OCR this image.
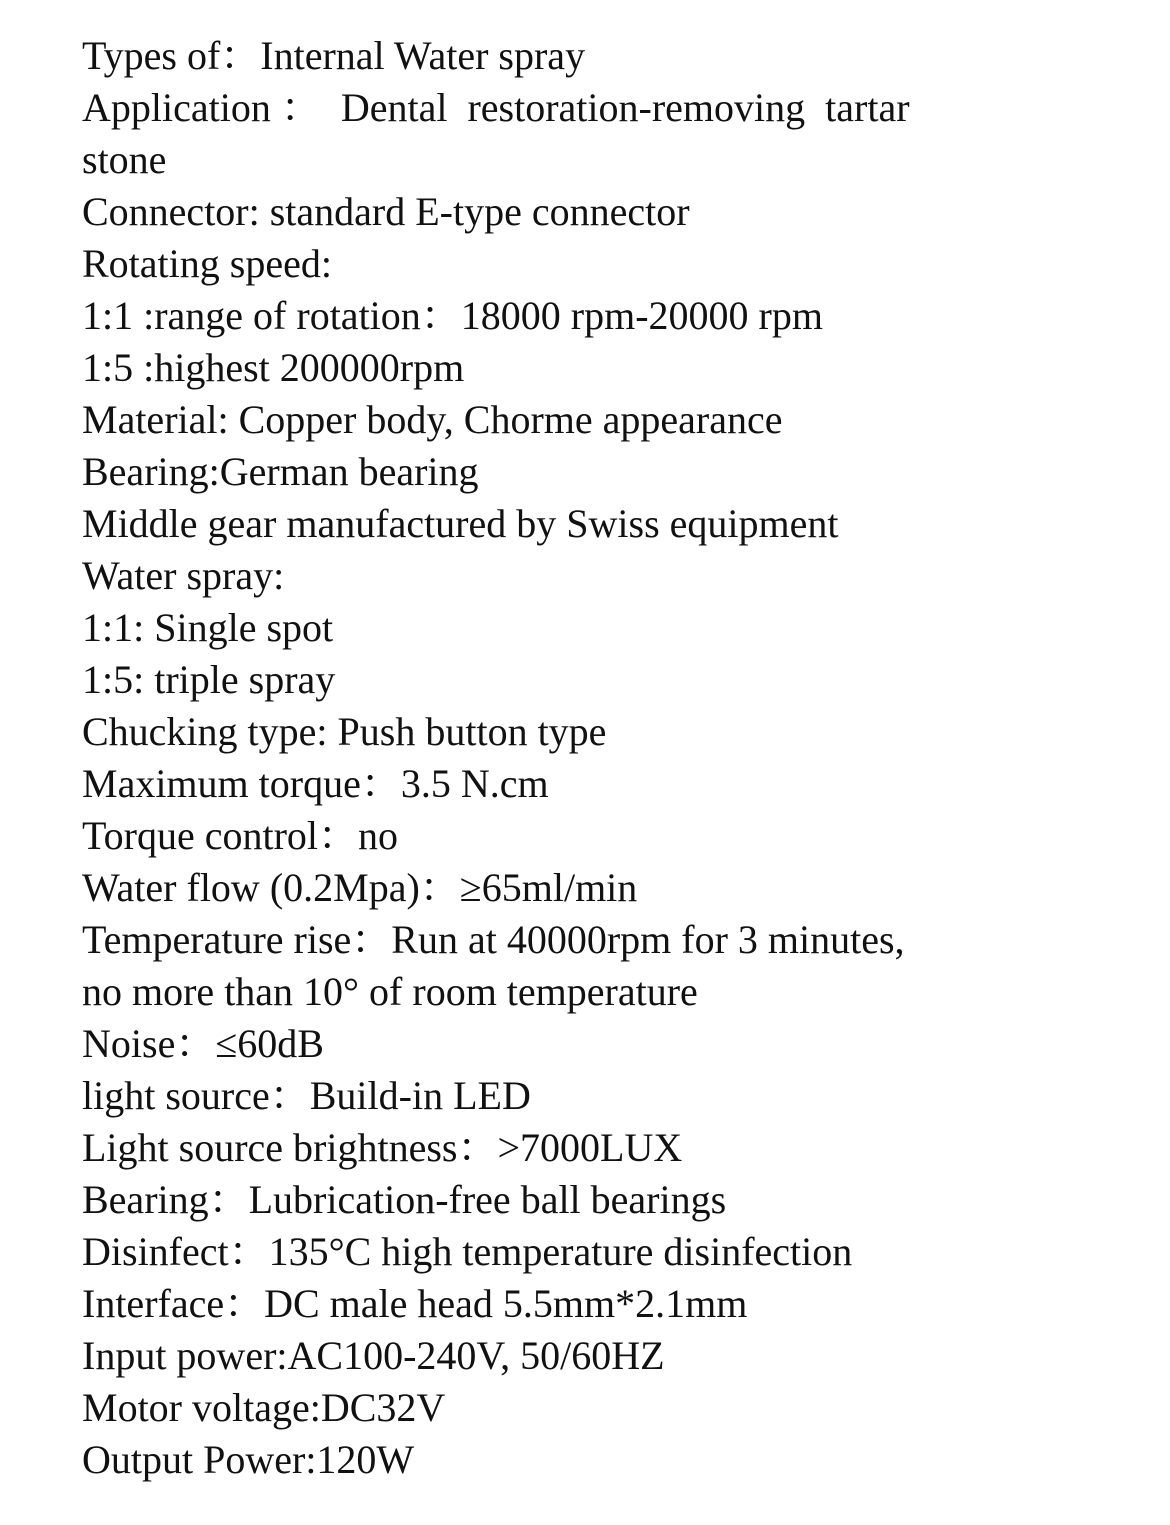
Types of：Internal Water spray
Application ：  Dental  restoration-removing  tartar
stone
Connector: standard E-type connector
Rotating speed:
1:1 :range of rotation：18000 rpm-20000 rpm
1:5 :highest 200000rpm
Material: Copper body, Chorme appearance
Bearing:German bearing
Middle gear manufactured by Swiss equipment
Water spray:
1:1: Single spot
1:5: triple spray
Chucking type: Push button type
Maximum torque：3.5 N.cm
Torque control：no
Water flow (0.2Mpa)：≥65ml/min
Temperature rise：Run at 40000rpm for 3 minutes,
no more than 10° of room temperature
Noise：≤60dB
light source：Build-in LED
Light source brightness：>7000LUX
Bearing：Lubrication-free ball bearings
Disinfect：135°C high temperature disinfection
Interface：DC male head 5.5mm*2.1mm
Input power:AC100-240V, 50/60HZ
Motor voltage:DC32V
Output Power:120W
